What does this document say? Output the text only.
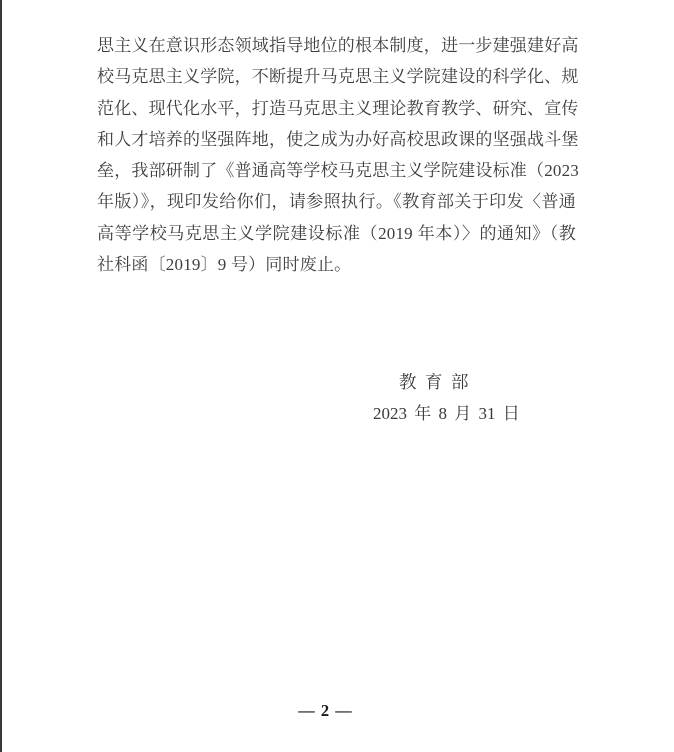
思主义在意识形态领域指导地位的根本制度，进一步建强建好高
校马克思主义学院，不断提升马克思主义学院建设的科学化、规
范化、现代化水平，打造马克思主义理论教育教学、研究、宣传
和人才培养的坚强阵地，使之成为办好高校思政课的坚强战斗堡
垒，我部研制了《普通高等学校马克思主义学院建设标准（2023
年版）》，现印发给你们，请参照执行。《教育部关于印发〈普通
高等学校马克思主义学院建设标准（2019 年本）〉的通知》（教
社科函〔2019〕9 号）同时废止。
教育部
2023 年 8 月 31 日
— 2 —
